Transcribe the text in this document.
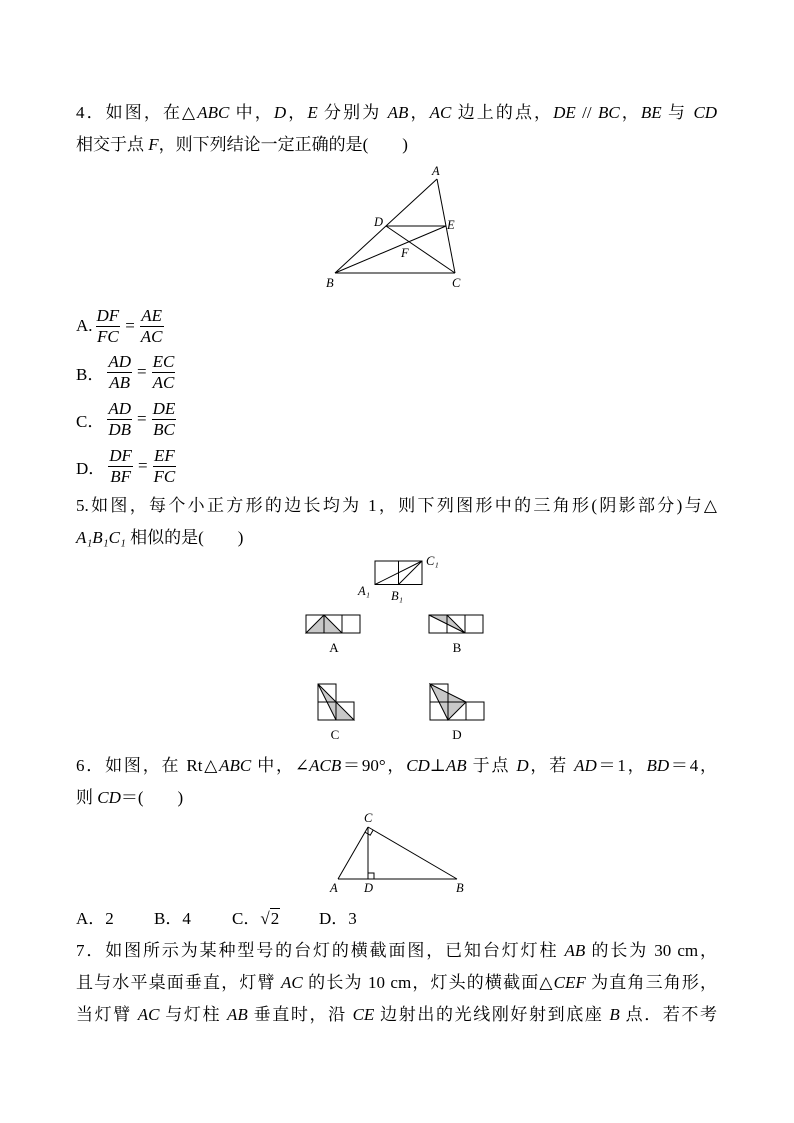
4．如图，在△ABC 中，D，E 分别为 AB，AC 边上的点，DE // BC，BE 与 CD
相交于点 F，则下列结论一定正确的是(　　)
A
D	E
F
B	C
A. $\frac{DF}{FC} = \frac{AE}{AC}$
B． $\frac{AD}{AB} = \frac{EC}{AC}$
C． $\frac{AD}{DB} = \frac{DE}{BC}$
D． $\frac{DF}{BF} = \frac{EF}{FC}$
5.如图，每个小正方形的边长均为 1，则下列图形中的三角形(阴影部分)与△
A₁B₁C₁ 相似的是(　　)
A₁ B₁
C₁
A	B
C	D
6．如图，在 Rt△ABC 中，∠ACB＝90°，CD⊥AB 于点 D，若 AD＝1，BD＝4，
则 CD＝(　　)
C
A D	B
A．2 B．4 C．√2 D．3
7．如图所示为某种型号的台灯的横截面图，已知台灯灯柱 AB 的长为 30 cm，
且与水平桌面垂直，灯臂 AC 的长为 10 cm，灯头的横截面△CEF 为直角三角形，
当灯臂 AC 与灯柱 AB 垂直时，沿 CE 边射出的光线刚好射到底座 B 点．若不考
